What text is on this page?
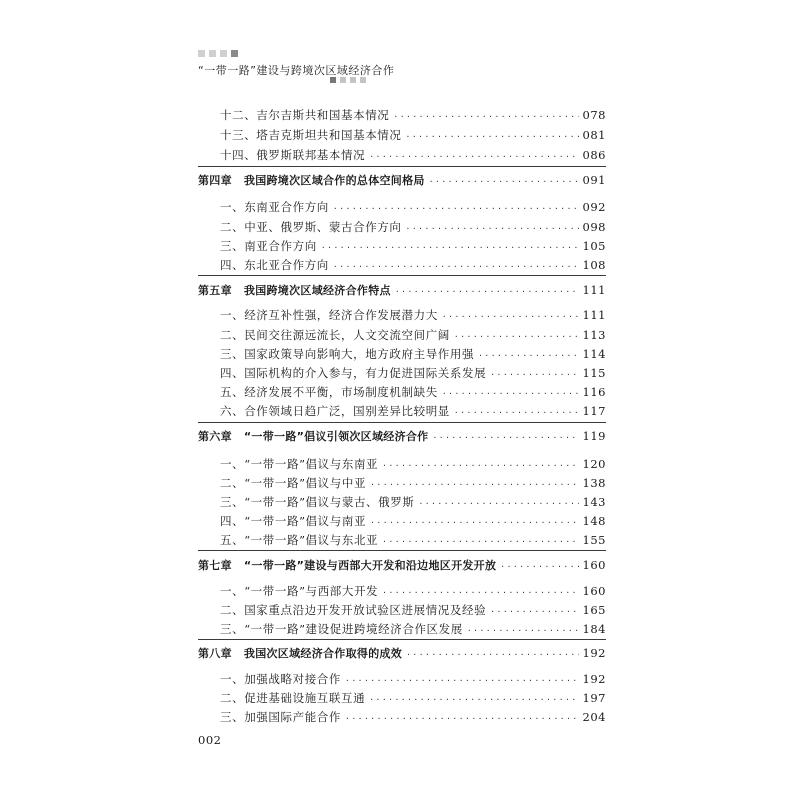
“一带一路”建设与跨境次区域经济合作
十二、吉尔吉斯共和国基本情况 ·····	078
十三、塔吉克斯坦共和国基本情况 ·····	081
十四、俄罗斯联邦基本情况 ·····	086
第四章 我国跨境次区域合作的总体空间格局 ·····	091
一、东南亚合作方向 ·····	092
二、中亚、俄罗斯、蒙古合作方向 ·····	098
三、南亚合作方向 ·····	105
四、东北亚合作方向 ·····	108
第五章 我国跨境次区域经济合作特点 ·····	111
一、经济互补性强，经济合作发展潜力大 ·····	111
二、民间交往源远流长，人文交流空间广阔 ·····	113
三、国家政策导向影响大，地方政府主导作用强 ·····	114
四、国际机构的介入参与，有力促进国际关系发展 ·····	115
五、经济发展不平衡，市场制度机制缺失 ·····	116
六、合作领域日趋广泛，国别差异比较明显 ·····	117
第六章 “一带一路”倡议引领次区域经济合作 ·····	119
一、“一带一路”倡议与东南亚 ·····	120
二、“一带一路”倡议与中亚 ·····	138
三、“一带一路”倡议与蒙古、俄罗斯 ·····	143
四、“一带一路”倡议与南亚 ·····	148
五、“一带一路”倡议与东北亚 ·····	155
第七章 “一带一路”建设与西部大开发和沿边地区开发开放 ·····	160
一、“一带一路”与西部大开发 ·····	160
二、国家重点沿边开发开放试验区进展情况及经验 ·····	165
三、“一带一路”建设促进跨境经济合作区发展 ·····	184
第八章 我国次区域经济合作取得的成效 ·····	192
一、加强战略对接合作 ·····	192
二、促进基础设施互联互通 ·····	197
三、加强国际产能合作 ·····	204
002
